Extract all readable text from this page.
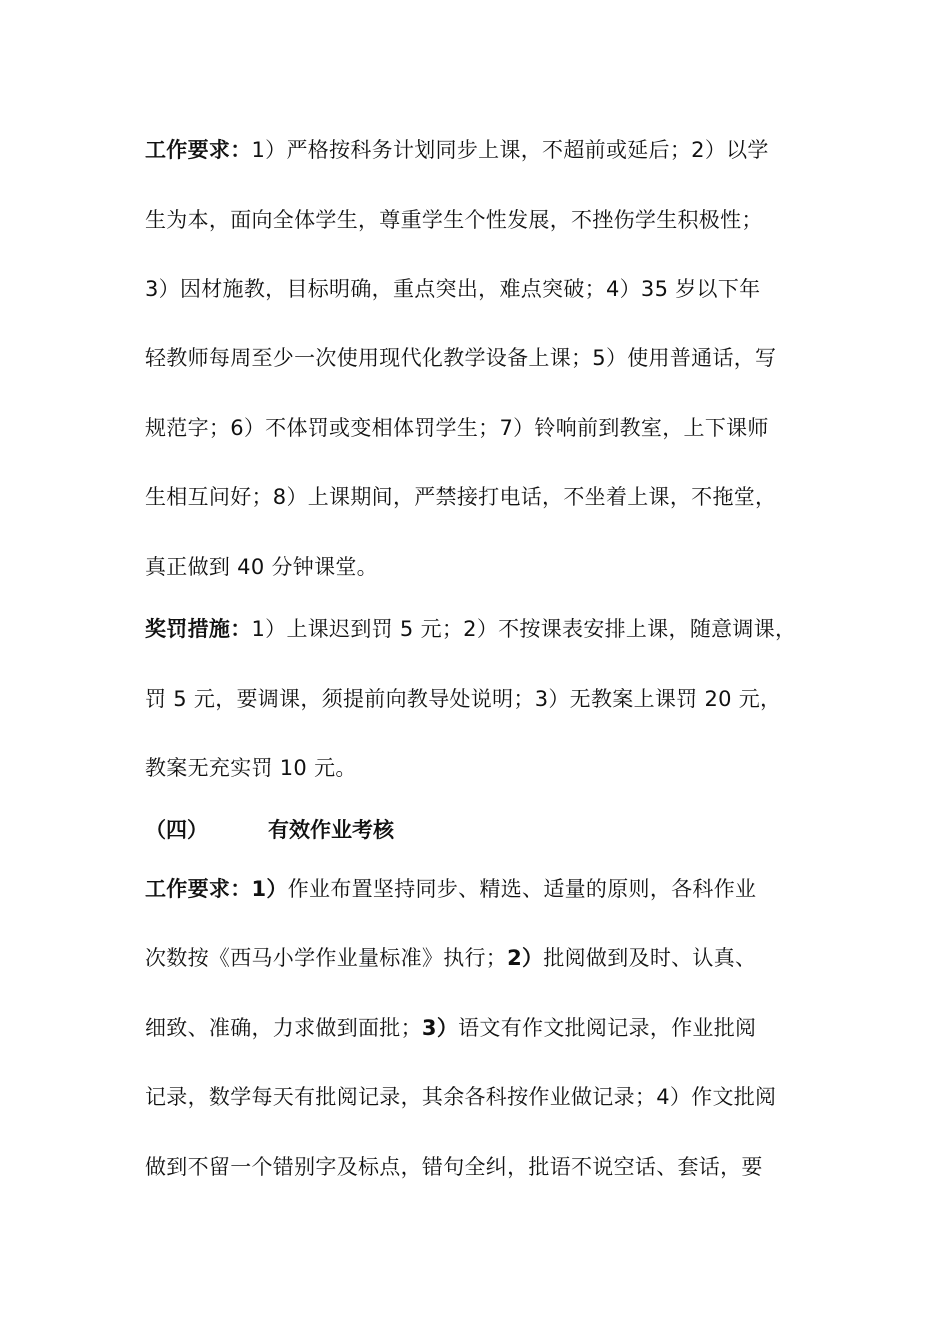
工作要求：1）严格按科务计划同步上课，不超前或延后；2）以学
生为本，面向全体学生，尊重学生个性发展，不挫伤学生积极性；
3）因材施教，目标明确，重点突出，难点突破；4）35 岁以下年
轻教师每周至少一次使用现代化教学设备上课；5）使用普通话，写
规范字；6）不体罚或变相体罚学生；7）铃响前到教室，上下课师
生相互问好；8）上课期间，严禁接打电话，不坐着上课，不拖堂，
真正做到 40 分钟课堂。
奖罚措施：1）上课迟到罚 5 元；2）不按课表安排上课，随意调课，
罚 5 元，要调课，须提前向教导处说明；3）无教案上课罚 20 元，
教案无充实罚 10 元。
（四）	有效作业考核
工作要求：1）作业布置坚持同步、精选、适量的原则，各科作业
次数按《西马小学作业量标准》执行；2）批阅做到及时、认真、
细致、准确，力求做到面批；3）语文有作文批阅记录，作业批阅
记录，数学每天有批阅记录，其余各科按作业做记录；4）作文批阅
做到不留一个错别字及标点，错句全纠，批语不说空话、套话，要
